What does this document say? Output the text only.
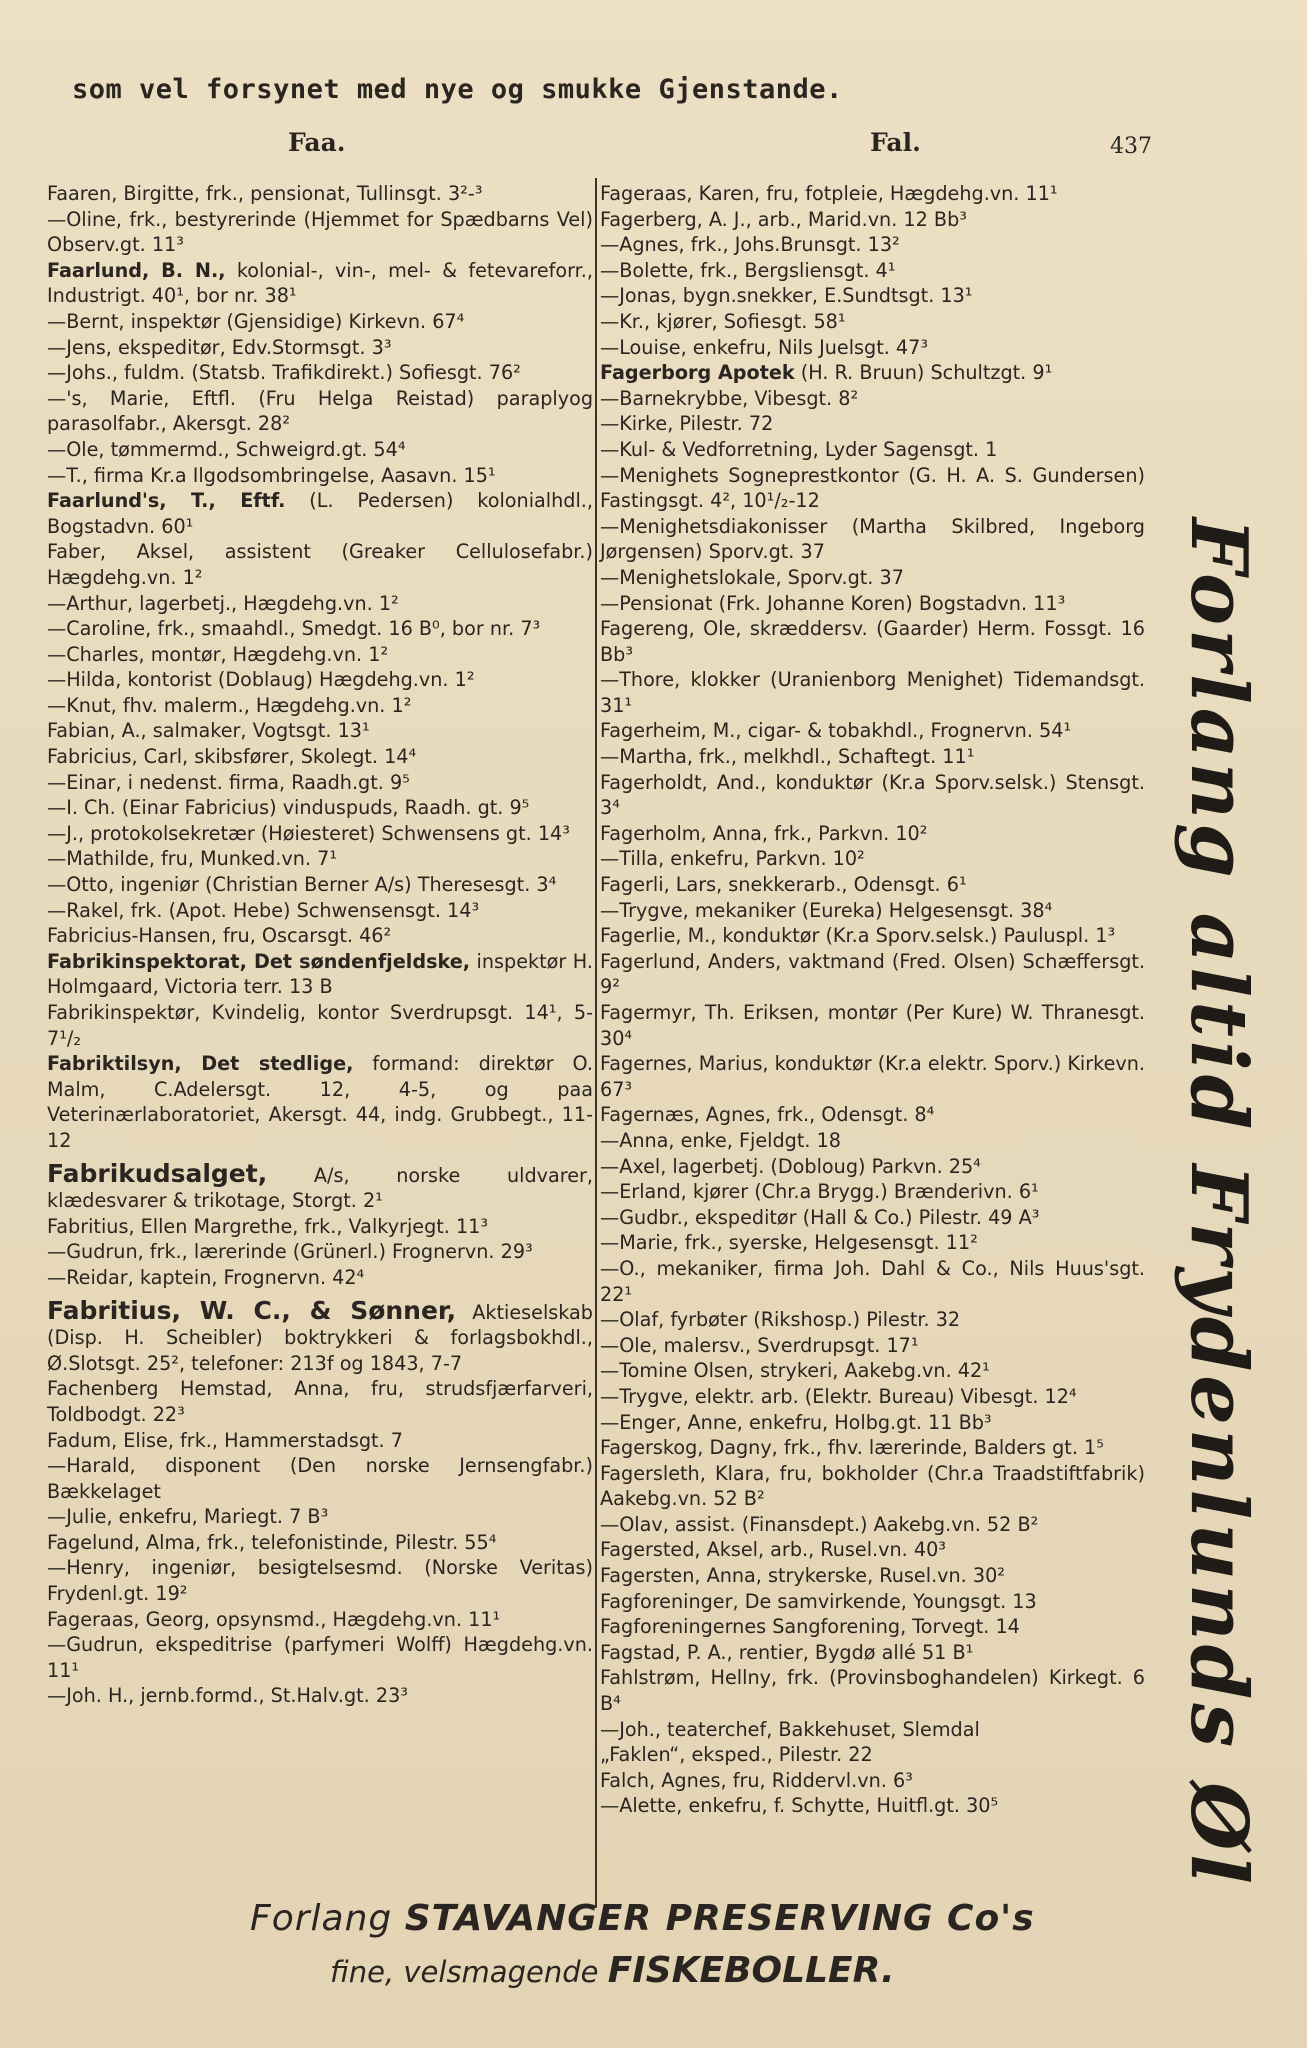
som vel forsynet med nye og smukke Gjenstande.
Faa.	Fal.	437

Faaren, Birgitte, frk., pensionat, Tullinsgt. 3²-³

—Oline, frk., bestyrerinde (Hjemmet for Spædbarns Vel) Observ.gt. 11³

Faarlund, B. N., kolonial-, vin-, mel- & fetevareforr., Industrigt. 40¹, bor nr. 38¹

—Bernt, inspektør (Gjensidige) Kirkevn. 67⁴

—Jens, ekspeditør, Edv.Stormsgt. 3³

—Johs., fuldm. (Statsb. Trafikdirekt.) Sofiesgt. 76²

—'s, Marie, Eftfl. (Fru Helga Reistad) paraplyog parasolfabr., Akersgt. 28²

—Ole, tømmermd., Schweigrd.gt. 54⁴

—T., firma Kr.a Ilgodsombringelse, Aasavn. 15¹

Faarlund's, T., Eftf. (L. Pedersen) kolonialhdl., Bogstadvn. 60¹

Faber, Aksel, assistent (Greaker Cellulosefabr.) Hægdehg.vn. 1²

—Arthur, lagerbetj., Hægdehg.vn. 1²

—Caroline, frk., smaahdl., Smedgt. 16 B⁰, bor nr. 7³

—Charles, montør, Hægdehg.vn. 1²

—Hilda, kontorist (Doblaug) Hægdehg.vn. 1²

—Knut, fhv. malerm., Hægdehg.vn. 1²

Fabian, A., salmaker, Vogtsgt. 13¹

Fabricius, Carl, skibsfører, Skolegt. 14⁴

—Einar, i nedenst. firma, Raadh.gt. 9⁵

—I. Ch. (Einar Fabricius) vinduspuds, Raadh. gt. 9⁵

—J., protokolsekretær (Høiesteret) Schwensens gt. 14³

—Mathilde, fru, Munked.vn. 7¹

—Otto, ingeniør (Christian Berner A/s) Theresesgt. 3⁴

—Rakel, frk. (Apot. Hebe) Schwensensgt. 14³

Fabricius-Hansen, fru, Oscarsgt. 46²

Fabrikinspektorat, Det søndenfjeldske, inspektør H. Holmgaard, Victoria terr. 13 B

Fabrikinspektør, Kvindelig, kontor Sverdrupsgt. 14¹, 5-7¹/₂

Fabriktilsyn, Det stedlige, formand: direktør O. Malm, C.Adelersgt. 12, 4-5, og paa Veterinærlaboratoriet, Akersgt. 44, indg. Grubbegt., 11-12

Fabrikudsalget, A/s, norske uldvarer, klædesvarer & trikotage, Storgt. 2¹

Fabritius, Ellen Margrethe, frk., Valkyrjegt. 11³

—Gudrun, frk., lærerinde (Grünerl.) Frognervn. 29³

—Reidar, kaptein, Frognervn. 42⁴

Fabritius, W. C., & Sønner, Aktieselskab (Disp. H. Scheibler) boktrykkeri & forlagsbokhdl., Ø.Slotsgt. 25², telefoner: 213f og 1843, 7-7

Fachenberg Hemstad, Anna, fru, strudsfjærfarveri, Toldbodgt. 22³

Fadum, Elise, frk., Hammerstadsgt. 7

—Harald, disponent (Den norske Jernsengfabr.) Bækkelaget

—Julie, enkefru, Mariegt. 7 B³

Fagelund, Alma, frk., telefonistinde, Pilestr. 55⁴

—Henry, ingeniør, besigtelsesmd. (Norske Veritas) Frydenl.gt. 19²

Fageraas, Georg, opsynsmd., Hægdehg.vn. 11¹

—Gudrun, ekspeditrise (parfymeri Wolff) Hægdehg.vn. 11¹

—Joh. H., jernb.formd., St.Halv.gt. 23³

Fageraas, Karen, fru, fotpleie, Hægdehg.vn. 11¹

Fagerberg, A. J., arb., Marid.vn. 12 Bb³

—Agnes, frk., Johs.Brunsgt. 13²

—Bolette, frk., Bergsliensgt. 4¹

—Jonas, bygn.snekker, E.Sundtsgt. 13¹

—Kr., kjører, Sofiesgt. 58¹

—Louise, enkefru, Nils Juelsgt. 47³

Fagerborg Apotek (H. R. Bruun) Schultzgt. 9¹

—Barnekrybbe, Vibesgt. 8²

—Kirke, Pilestr. 72

—Kul- & Vedforretning, Lyder Sagensgt. 1

—Menighets Sogneprestkontor (G. H. A. S. Gundersen) Fastingsgt. 4², 10¹/₂-12

—Menighetsdiakonisser (Martha Skilbred, Ingeborg Jørgensen) Sporv.gt. 37

—Menighetslokale, Sporv.gt. 37

—Pensionat (Frk. Johanne Koren) Bogstadvn. 11³

Fagereng, Ole, skræddersv. (Gaarder) Herm. Fossgt. 16 Bb³

—Thore, klokker (Uranienborg Menighet) Tidemandsgt. 31¹

Fagerheim, M., cigar- & tobakhdl., Frognervn. 54¹

—Martha, frk., melkhdl., Schaftegt. 11¹

Fagerholdt, And., konduktør (Kr.a Sporv.selsk.) Stensgt. 3⁴

Fagerholm, Anna, frk., Parkvn. 10²

—Tilla, enkefru, Parkvn. 10²

Fagerli, Lars, snekkerarb., Odensgt. 6¹

—Trygve, mekaniker (Eureka) Helgesensgt. 38⁴

Fagerlie, M., konduktør (Kr.a Sporv.selsk.) Pauluspl. 1³

Fagerlund, Anders, vaktmand (Fred. Olsen) Schæffersgt. 9²

Fagermyr, Th. Eriksen, montør (Per Kure) W. Thranesgt. 30⁴

Fagernes, Marius, konduktør (Kr.a elektr. Sporv.) Kirkevn. 67³

Fagernæs, Agnes, frk., Odensgt. 8⁴

—Anna, enke, Fjeldgt. 18

—Axel, lagerbetj. (Dobloug) Parkvn. 25⁴

—Erland, kjører (Chr.a Brygg.) Brænderivn. 6¹

—Gudbr., ekspeditør (Hall & Co.) Pilestr. 49 A³

—Marie, frk., syerske, Helgesensgt. 11²

—O., mekaniker, firma Joh. Dahl & Co., Nils Huus'sgt. 22¹

—Olaf, fyrbøter (Rikshosp.) Pilestr. 32

—Ole, malersv., Sverdrupsgt. 17¹

—Tomine Olsen, strykeri, Aakebg.vn. 42¹

—Trygve, elektr. arb. (Elektr. Bureau) Vibesgt. 12⁴

—Enger, Anne, enkefru, Holbg.gt. 11 Bb³

Fagerskog, Dagny, frk., fhv. lærerinde, Balders gt. 1⁵

Fagersleth, Klara, fru, bokholder (Chr.a Traadstiftfabrik) Aakebg.vn. 52 B²

—Olav, assist. (Finansdept.) Aakebg.vn. 52 B²

Fagersted, Aksel, arb., Rusel.vn. 40³

Fagersten, Anna, strykerske, Rusel.vn. 30²

Fagforeninger, De samvirkende, Youngsgt. 13

Fagforeningernes Sangforening, Torvegt. 14

Fagstad, P. A., rentier, Bygdø allé 51 B¹

Fahlstrøm, Hellny, frk. (Provinsboghandelen) Kirkegt. 6 B⁴

—Joh., teaterchef, Bakkehuset, Slemdal

„Faklen“, eksped., Pilestr. 22

Falch, Agnes, fru, Riddervl.vn. 6³

—Alette, enkefru, f. Schytte, Huitfl.gt. 30⁵	Forlang altid Frydenlunds Øl
Forlang STAVANGER PRESERVING Co's
fine, velsmagende FISKEBOLLER.
